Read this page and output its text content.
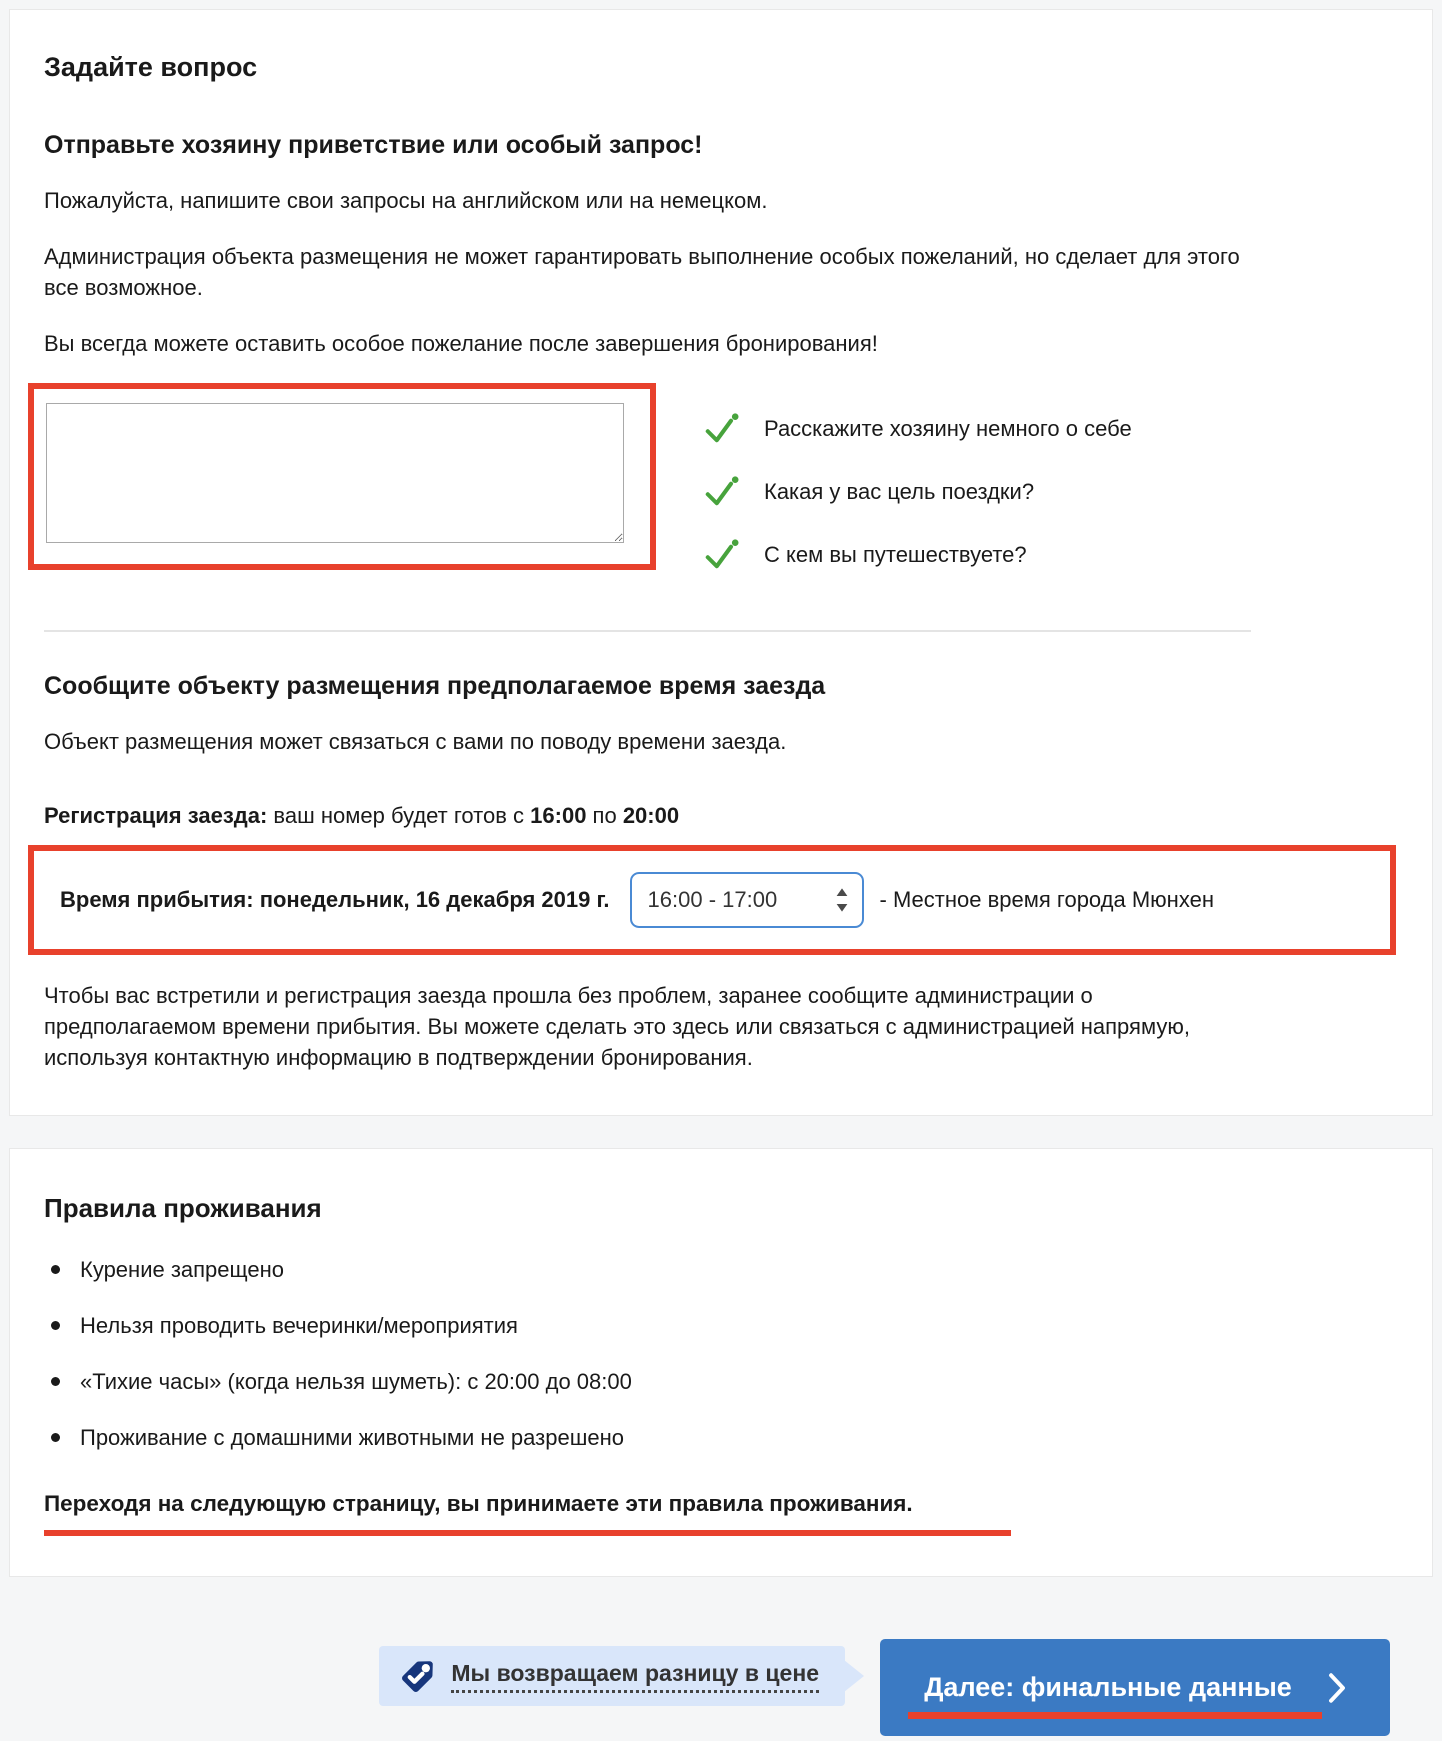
Задайте вопрос
Отправьте хозяину приветствие или особый запрос!

Пожалуйста, напишите свои запросы на английском или на немецком.

Администрация объекта размещения не может гарантировать выполнение особых пожеланий, но сделает для этого все возможное.

Вы всегда можете оставить особое пожелание после завершения бронирования!

Расскажите хозяину немного о себе
Какая у вас цель поездки?
С кем вы путешествуете?
Сообщите объекту размещения предполагаемое время заезда

Объект размещения может связаться с вами по поводу времени заезда.

Регистрация заезда: ваш номер будет готов с 16:00 по 20:00

Время прибытия: понедельник, 16 декабря 2019 г. 16:00 - 17:00	- Местное время города Мюнхен

Чтобы вас встретили и регистрация заезда прошла без проблем, заранее сообщите администрации о предполагаемом времени прибытия. Вы можете сделать это здесь или связаться с администрацией напрямую, используя контактную информацию в подтверждении бронирования.

Правила проживания
Курение запрещено
Нельзя проводить вечеринки/мероприятия
«Тихие часы» (когда нельзя шуметь): с 20:00 до 08:00
Проживание с домашними животными не разрешено

Переходя на следующую страницу, вы принимаете эти правила проживания.

Мы возвращаем разницу в цене	Далее: финальные данные
